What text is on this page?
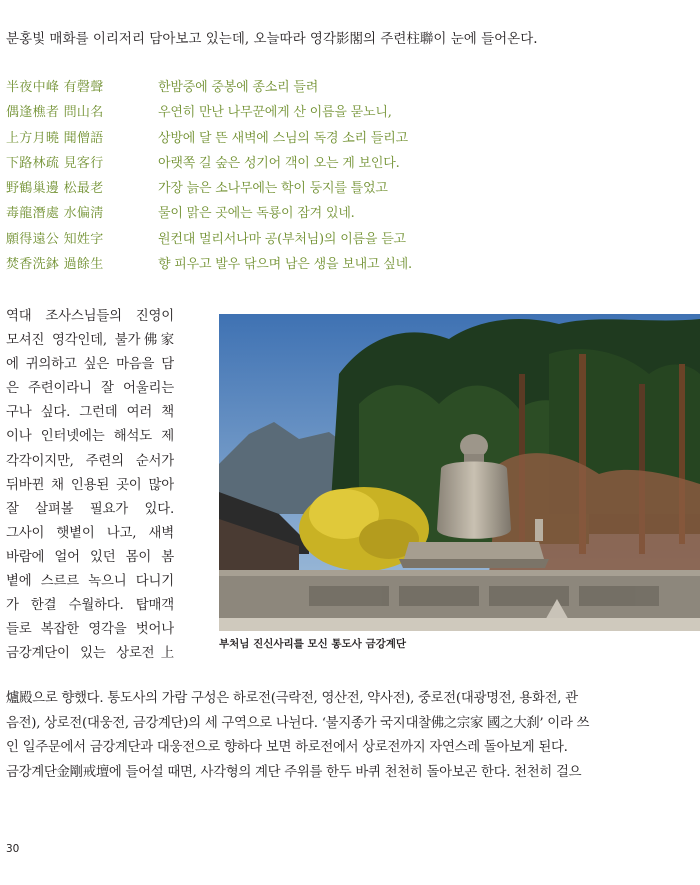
분홍빛 매화를 이리저리 담아보고 있는데, 오늘따라 영각影閣의 주련柱聯이 눈에 들어온다.
半夜中峰 有磬聲	한밤중에 중봉에 종소리 들려
偶逢樵者 問山名	우연히 만난 나무꾼에게 산 이름을 묻노니,
上方月曉 聞僧語	상방에 달 뜬 새벽에 스님의 독경 소리 들리고
下路林疏 見客行	아랫쪽 길 숲은 성기어 객이 오는 게 보인다.
野鶴巢邊 松最老	가장 늙은 소나무에는 학이 둥지를 틀었고
毒龍潛處 水偏淸	물이 맑은 곳에는 독룡이 잠겨 있네.
願得遠公 知姓字	원컨대 멀리서나마 공(부처님)의 이름을 듣고
焚香洗鉢 過餘生	향 피우고 발우 닦으며 남은 생을 보내고 싶네.
역대 조사스님들의 진영이
모셔진 영각인데, 불가佛家
에 귀의하고 싶은 마음을 담
은 주련이라니 잘 어울리는
구나 싶다. 그런데 여러 책
이나 인터넷에는 해석도 제
각각이지만, 주련의 순서가
뒤바뀐 채 인용된 곳이 많아
잘 살펴볼 필요가 있다.
그사이 햇볕이 나고, 새벽
바람에 얼어 있던 몸이 봄
볕에 스르르 녹으니 다니기
가 한결 수월하다. 탑매객
들로 복잡한 영각을 벗어나
금강계단이 있는 상로전上
부처님 진신사리를 모신 통도사 금강계단
爐殿으로 향했다. 통도사의 가람 구성은 하로전(극락전, 영산전, 약사전), 중로전(대광명전, 용화전, 관
음전), 상로전(대웅전, 금강계단)의 세 구역으로 나뉜다. ‘불지종가 국지대찰佛之宗家 國之大刹’ 이라 쓰
인 일주문에서 금강계단과 대웅전으로 향하다 보면 하로전에서 상로전까지 자연스레 돌아보게 된다.
금강계단金剛戒壇에 들어설 때면, 사각형의 계단 주위를 한두 바퀴 천천히 돌아보곤 한다. 천천히 걸으
30
